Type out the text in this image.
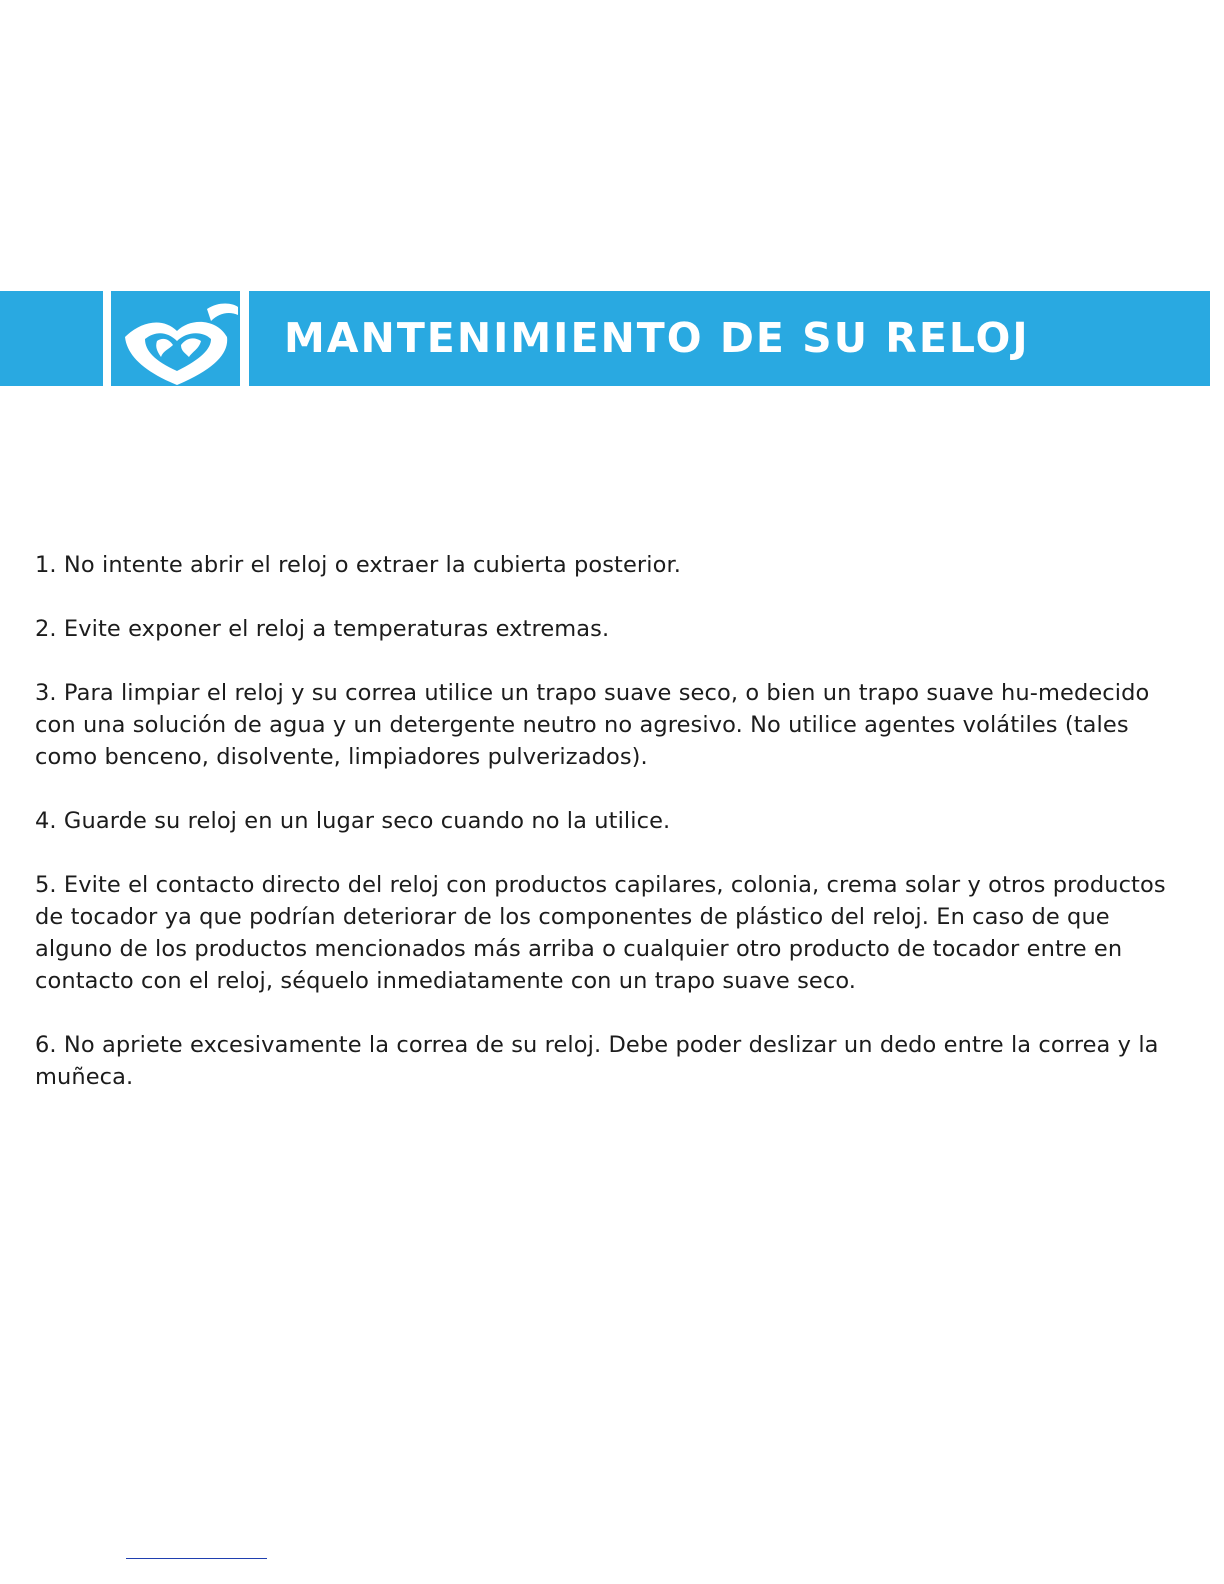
MANTENIMIENTO DE SU RELOJ
1. No intente abrir el reloj o extraer la cubierta posterior.
2. Evite exponer el reloj a temperaturas extremas.
3. Para limpiar el reloj y su correa utilice un trapo suave seco, o bien un trapo suave hu-medecido con una solución de agua y un detergente neutro no agresivo. No utilice agentes volátiles (tales como benceno, disolvente, limpiadores pulverizados).
4. Guarde su reloj en un lugar seco cuando no la utilice.
5. Evite el contacto directo del reloj con productos capilares, colonia, crema solar y otros productos de tocador ya que podrían deteriorar de los componentes de plástico del reloj. En caso de que alguno de los productos mencionados más arriba o cualquier otro producto de tocador entre en contacto con el reloj, séquelo inmediatamente con un trapo suave seco.
6. No apriete excesivamente la correa de su reloj. Debe poder deslizar un dedo entre la correa y la muñeca.
